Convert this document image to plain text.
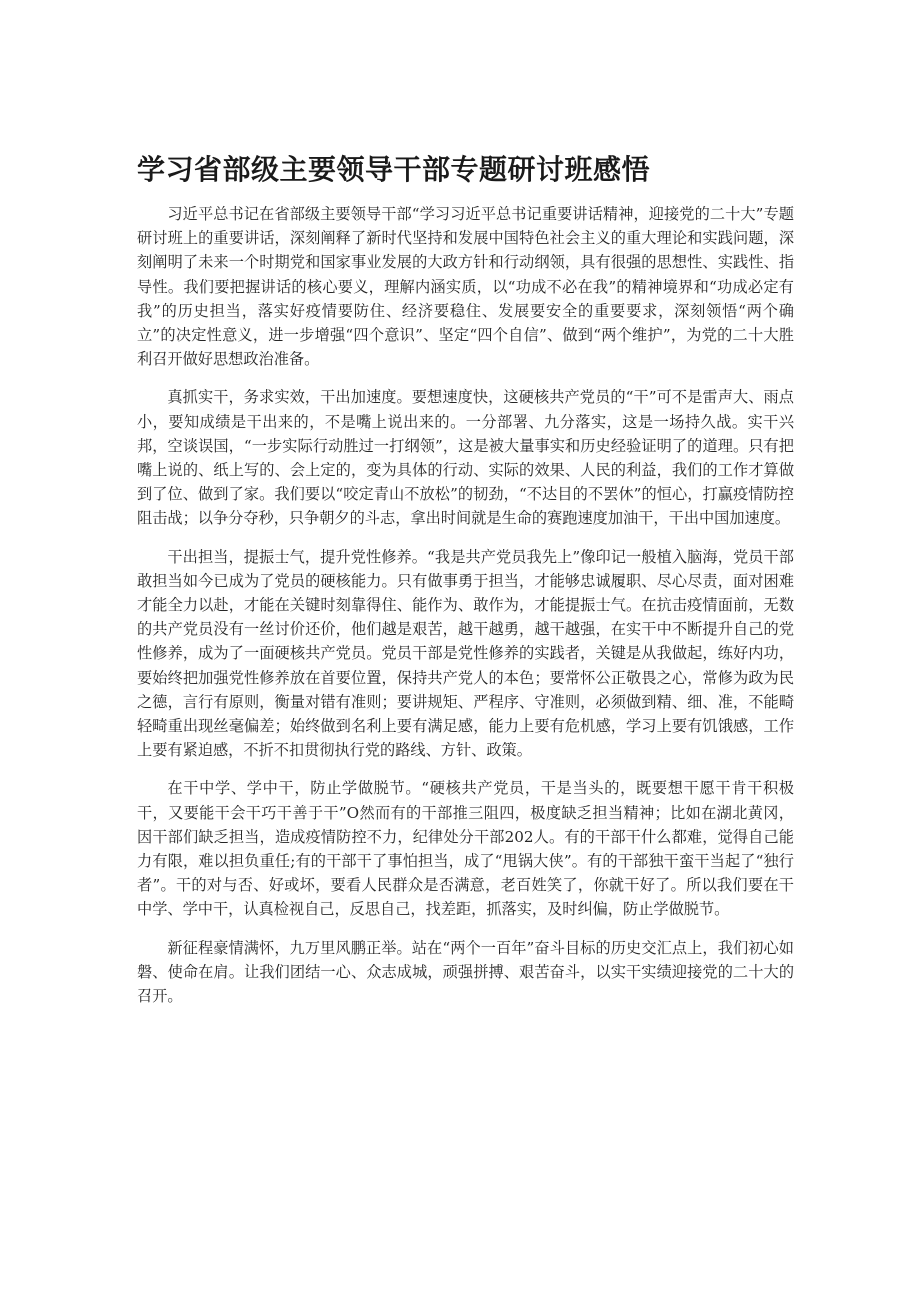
学习省部级主要领导干部专题研讨班感悟

习近平总书记在省部级主要领导干部“学习习近平总书记重要讲话精神，迎接党的二十大”专题研讨班上的重要讲话，深刻阐释了新时代坚持和发展中国特色社会主义的重大理论和实践问题，深刻阐明了未来一个时期党和国家事业发展的大政方针和行动纲领，具有很强的思想性、实践性、指导性。我们要把握讲话的核心要义，理解内涵实质，以“功成不必在我”的精神境界和“功成必定有我”的历史担当，落实好疫情要防住、经济要稳住、发展要安全的重要要求，深刻领悟“两个确立”的决定性意义，进一步增强“四个意识”、坚定“四个自信”、做到“两个维护”，为党的二十大胜利召开做好思想政治准备。

真抓实干，务求实效，干出加速度。要想速度快，这硬核共产党员的“干”可不是雷声大、雨点小，要知成绩是干出来的，不是嘴上说出来的。一分部署、九分落实，这是一场持久战。实干兴邦，空谈误国，“一步实际行动胜过一打纲领”，这是被大量事实和历史经验证明了的道理。只有把嘴上说的、纸上写的、会上定的，变为具体的行动、实际的效果、人民的利益，我们的工作才算做到了位、做到了家。我们要以“咬定青山不放松”的韧劲，“不达目的不罢休”的恒心，打赢疫情防控阻击战；以争分夺秒，只争朝夕的斗志，拿出时间就是生命的赛跑速度加油干，干出中国加速度。

干出担当，提振士气，提升党性修养。“我是共产党员我先上”像印记一般植入脑海，党员干部敢担当如今已成为了党员的硬核能力。只有做事勇于担当，才能够忠诚履职、尽心尽责，面对困难才能全力以赴，才能在关键时刻靠得住、能作为、敢作为，才能提振士气。在抗击疫情面前，无数的共产党员没有一丝讨价还价，他们越是艰苦，越干越勇，越干越强，在实干中不断提升自己的党性修养，成为了一面硬核共产党员。党员干部是党性修养的实践者，关键是从我做起，练好内功，要始终把加强党性修养放在首要位置，保持共产党人的本色；要常怀公正敬畏之心，常修为政为民之德，言行有原则，衡量对错有准则；要讲规矩、严程序、守准则，必须做到精、细、准，不能畸轻畸重出现丝毫偏差；始终做到名利上要有满足感，能力上要有危机感，学习上要有饥饿感，工作上要有紧迫感，不折不扣贯彻执行党的路线、方针、政策。

在干中学、学中干，防止学做脱节。“硬核共产党员，干是当头的，既要想干愿干肯干积极干，又要能干会干巧干善于干”O然而有的干部推三阻四，极度缺乏担当精神；比如在湖北黄冈，因干部们缺乏担当，造成疫情防控不力，纪律处分干部202人。有的干部干什么都难，觉得自己能力有限，难以担负重任;有的干部干了事怕担当，成了“甩锅大侠”。有的干部独干蛮干当起了“独行者”。干的对与否、好或坏，要看人民群众是否满意，老百姓笑了，你就干好了。所以我们要在干中学、学中干，认真检视自己，反思自己，找差距，抓落实，及时纠偏，防止学做脱节。

新征程豪情满怀，九万里风鹏正举。站在“两个一百年”奋斗目标的历史交汇点上，我们初心如磐、使命在肩。让我们团结一心、众志成城，顽强拼搏、艰苦奋斗，以实干实绩迎接党的二十大的召开。
